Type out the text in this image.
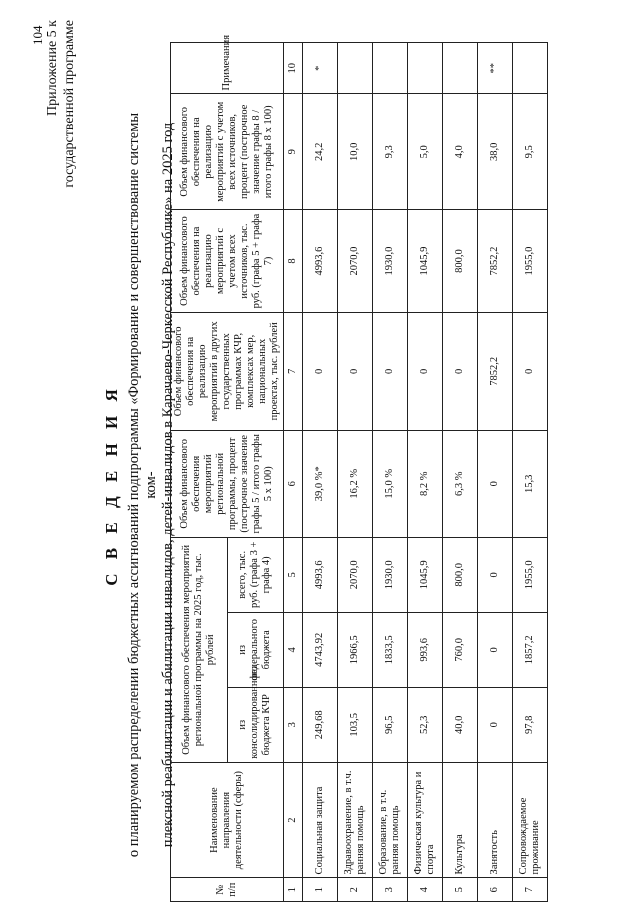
104 Приложение 5 к государственной программе
С В Е Д Е Н И Я о планируемом распределении бюджетных ассигнований подпрограммы «Формирование и совершенствование системы ком- плексной реабилитации и абилитации инвалидов, детей-инвалидов в Карачаево-Черкесской Республике» на 2025 год

№ п/п	Наименование направления деятельности (сферы)	Объем финансового обеспечения мероприятий региональной программы на 2025 год, тыс. рублей			Объем финансового обеспечения мероприятий региональной программы, процент (построчное значение графы 5 / итого графы 5 x 100)	Объем финансового обеспечения на реализацию мероприятий в других государственных программах КЧР, комплексах мер, национальных проектах, тыс. рублей	Объем финансового обеспечения на реализацию мероприятий с учетом всех источников, тыс. руб. (графа 5 + графа 7)	Объем финансового обеспечения на реализацию мероприятий с учетом всех источников, процент (построчное значение графы 8 / итого графы 8 x 100)	Примечания
		из консолидированного бюджета КЧР	из федерального бюджета	всего, тыс. руб. (графа 3 + графа 4)					
1	2	3	4	5	6	7	8	9	10
1	Социальная защита	249,68	4743,92	4993,6	39,0 %*	0	4993,6	24,2	*
2	Здравоохранение, в т.ч. ранняя помощь	103,5	1966,5	2070,0	16,2 %	0	2070,0	10,0	
3	Образование, в т.ч. ранняя помощь	96,5	1833,5	1930,0	15,0 %	0	1930,0	9,3	
4	Физическая культура и спорта	52,3	993,6	1045,9	8,2 %	0	1045,9	5,0	
5	Культура	40,0	760,0	800,0	6,3 %	0	800,0	4,0	
6	Занятость	0	0	0	0	7852,2	7852,2	38,0	**
7	Сопровождаемое проживание	97,8	1857,2	1955,0	15,3	0	1955,0	9,5	
